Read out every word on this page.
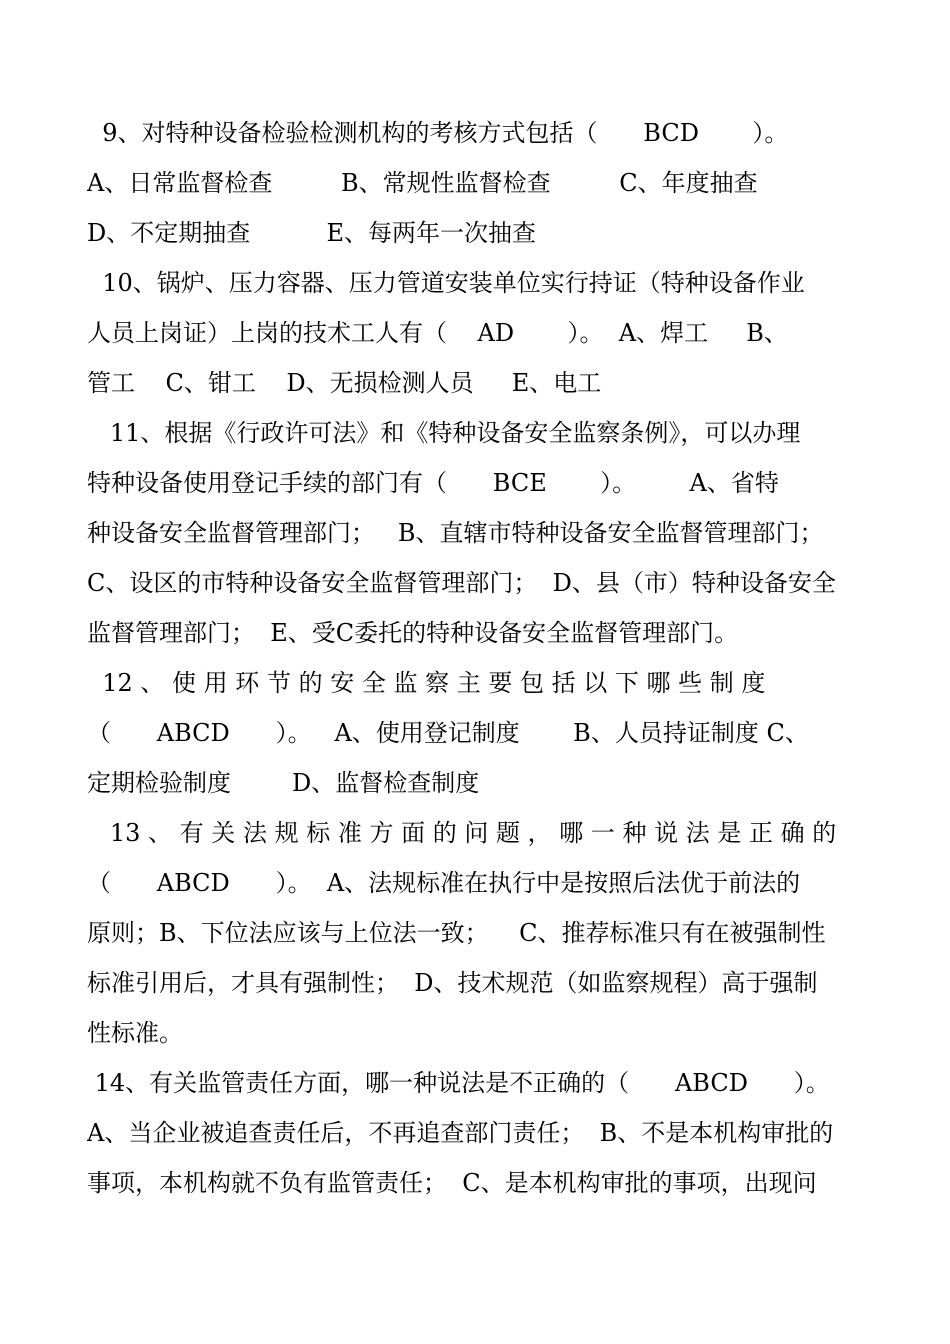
9、对特种设备检验检测机构的考核方式包括（      BCD       ）。
A、日常监督检查         B、常规性监督检查         C、年度抽查
D、不定期抽查          E、每两年一次抽查
10、锅炉、压力容器、压力管道安装单位实行持证（特种设备作业
人员上岗证）上岗的技术工人有（    AD       ）。  A、焊工     B、
管工    C、钳工    D、无损检测人员     E、电工
11、根据《行政许可法》和《特种设备安全监察条例》，可以办理
特种设备使用登记手续的部门有（      BCE       ）。       A、省特
种设备安全监督管理部门；   B、直辖市特种设备安全监督管理部门；
C、设区的市特种设备安全监督管理部门；  D、县（市）特种设备安全
监督管理部门；  E、受C委托的特种设备安全监督管理部门。
12 、 使 用 环 节 的 安 全 监 察 主 要 包 括 以 下 哪 些 制 度
（      ABCD      ）。   A、使用登记制度       B、人员持证制度 C、
定期检验制度        D、监督检查制度
13 、 有 关 法 规 标 准 方 面 的 问 题 ， 哪 一 种 说 法 是 正 确 的
（      ABCD      ）。  A、法规标准在执行中是按照后法优于前法的
原则；B、下位法应该与上位法一致；    C、推荐标准只有在被强制性
标准引用后，才具有强制性；  D、技术规范（如监察规程）高于强制
性标准。
14、有关监管责任方面，哪一种说法是不正确的（      ABCD      ）。
A、当企业被追查责任后，不再追查部门责任；  B、不是本机构审批的
事项，本机构就不负有监管责任；  C、是本机构审批的事项，出现问
